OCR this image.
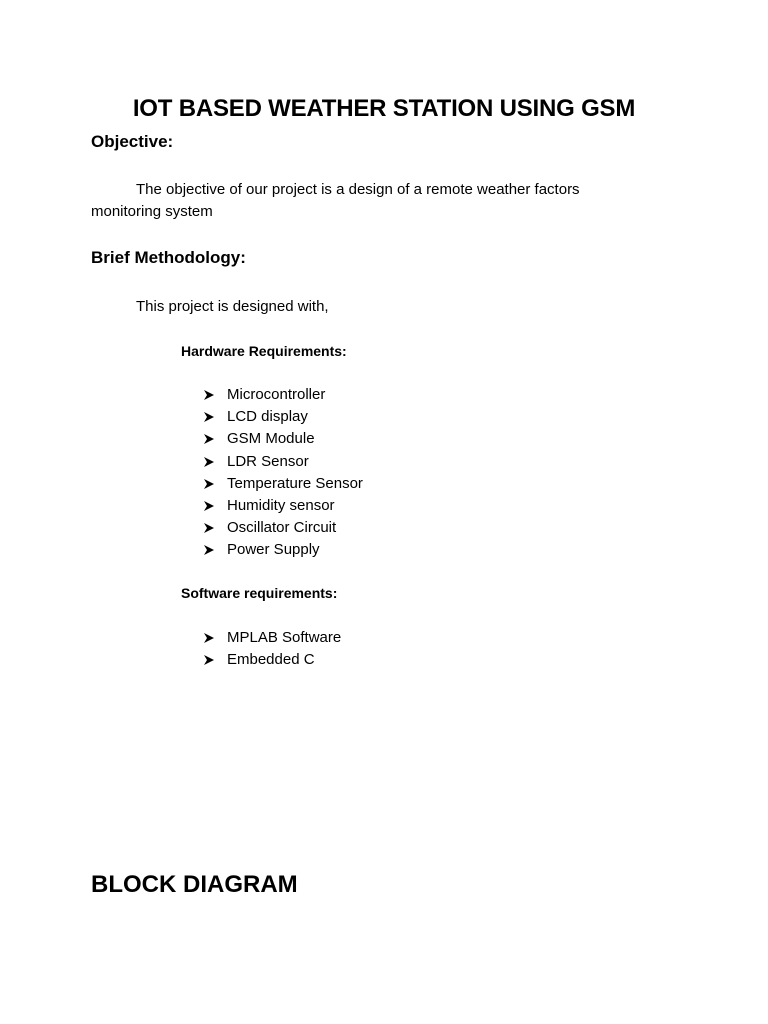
IOT BASED WEATHER STATION USING GSM
Objective:

The objective of our project is a design of a remote weather factors

monitoring system

Brief Methodology:

This project is designed with,

Hardware Requirements:
Microcontroller
LCD display
GSM Module
LDR Sensor
Temperature Sensor
Humidity sensor
Oscillator Circuit
Power Supply
Software requirements:
MPLAB Software
Embedded C
BLOCK DIAGRAM
